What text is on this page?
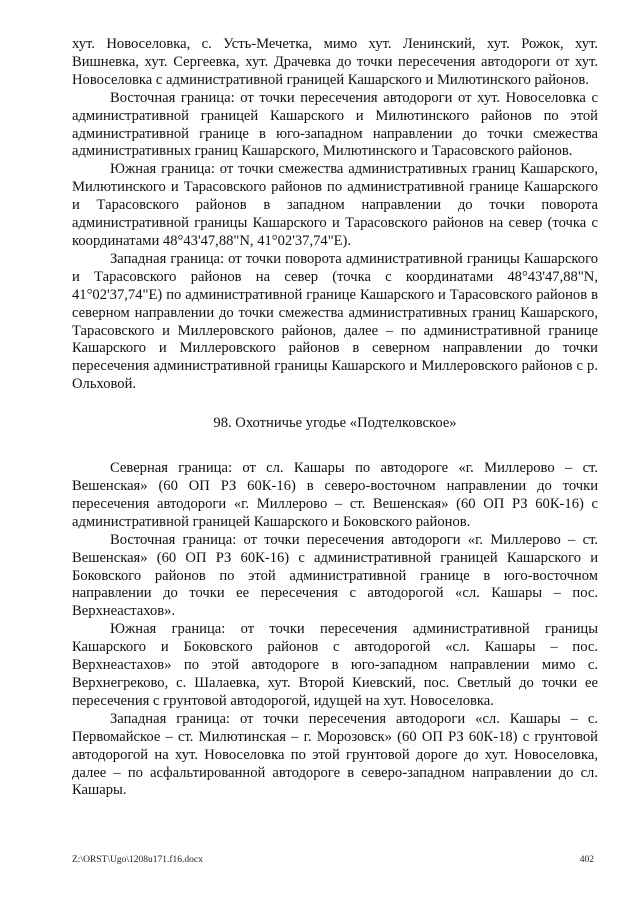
хут. Новоселовка, с. Усть-Мечетка, мимо хут. Ленинский, хут. Рожок, хут. Вишневка, хут. Сергеевка, хут. Драчевка до точки пересечения автодороги от хут. Новоселовка с административной границей Кашарского и Милютинского районов.

Восточная граница: от точки пересечения автодороги от хут. Новоселовка с административной границей Кашарского и Милютинского районов по этой административной границе в юго-западном направлении до точки смежества административных границ Кашарского, Милютинского и Тарасовского районов.

Южная граница: от точки смежества административных границ Кашарского, Милютинского и Тарасовского районов по административной границе Кашарского и Тарасовского районов в западном направлении до точки поворота административной границы Кашарского и Тарасовского районов на север (точка с координатами 48°43'47,88"N, 41°02'37,74"E).

Западная граница: от точки поворота административной границы Кашарского и Тарасовского районов на север (точка с координатами 48°43'47,88"N, 41°02'37,74"E) по административной границе Кашарского и Тарасовского районов в северном направлении до точки смежества административных границ Кашарского, Тарасовского и Миллеровского районов, далее – по административной границе Кашарского и Миллеровского районов в северном направлении до точки пересечения административной границы Кашарского и Миллеровского районов с р. Ольховой.

98. Охотничье угодье «Подтелковское»

Северная граница: от сл. Кашары по автодороге «г. Миллерово – ст. Вешенская» (60 ОП РЗ 60К-16) в северо-восточном направлении до точки пересечения автодороги «г. Миллерово – ст. Вешенская» (60 ОП РЗ 60К-16) с административной границей Кашарского и Боковского районов.

Восточная граница: от точки пересечения автодороги «г. Миллерово – ст. Вешенская» (60 ОП РЗ 60К-16) с административной границей Кашарского и Боковского районов по этой административной границе в юго-восточном направлении до точки ее пересечения с автодорогой «сл. Кашары – пос. Верхнеастахов».

Южная граница: от точки пересечения административной границы Кашарского и Боковского районов с автодорогой «сл. Кашары – пос. Верхнеастахов» по этой автодороге в юго-западном направлении мимо с. Верхнегреково, с. Шалаевка, хут. Второй Киевский, пос. Светлый до точки ее пересечения с грунтовой автодорогой, идущей на хут. Новоселовка.

Западная граница: от точки пересечения автодороги «сл. Кашары – с. Первомайское – ст. Милютинская – г. Морозовск» (60 ОП РЗ 60К-18) с грунтовой автодорогой на хут. Новоселовка по этой грунтовой дороге до хут. Новоселовка, далее – по асфальтированной автодороге в северо-западном направлении до сл. Кашары.

Z:\ORST\Ugo\1208u171.f16.docx	402
